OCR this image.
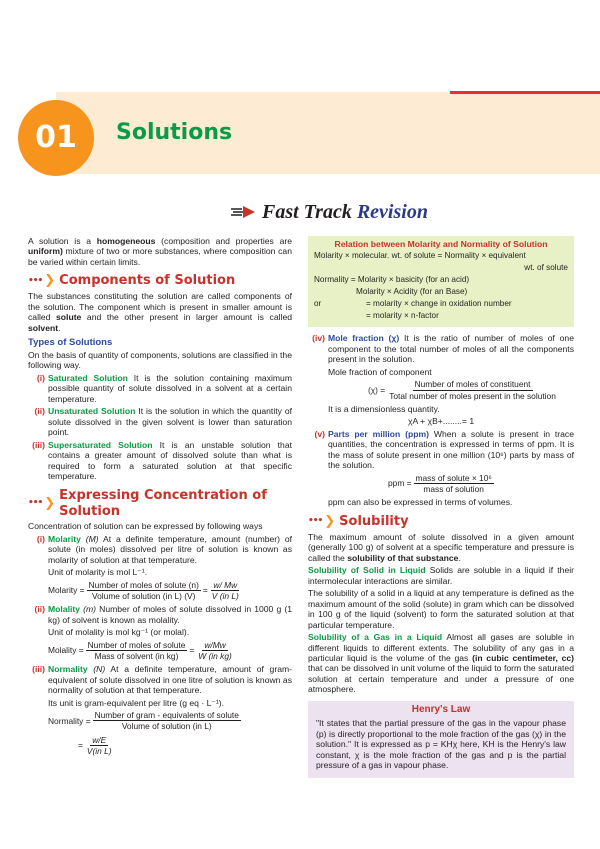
01	Solutions
Fast Track Revision

A solution is a homogeneous (composition and properties are uniform) mixture of two or more substances, where composition can be varied within certain limits.

••• ❯ Components of Solution

The substances constituting the solution are called components of the solution. The component which is present in smaller amount is called solute and the other present in larger amount is called solvent.

Types of Solutions

On the basis of quantity of components, solutions are classified in the following way.

(i) Saturated Solution It is the solution containing maximum possible quantity of solute dissolved in a solvent at a certain temperature.
(ii) Unsaturated Solution It is the solution in which the quantity of solute dissolved in the given solvent is lower than saturation point.
(iii) Supersaturated Solution It is an unstable solution that contains a greater amount of dissolved solute than what is required to form a saturated solution at that specific temperature.
••• ❯
Expressing Concentration of Solution

Concentration of solution can be expressed by following ways

(i) Molarity (M) At a definite temperature, amount (number) of solute (in moles) dissolved per litre of solution is known as molarity of solution at that temperature.

Unit of molarity is mol L⁻¹.

Molarity = $\frac{\text{Number of moles of solute (n)}}{\text{Volume of solution (in L) (V)}} = \frac{w/ Mw}{\text{V (in L)}}$
(ii) Molality (m) Number of moles of solute dissolved in 1000 g (1 kg) of solvent is known as molality.

Unit of molality is mol kg⁻¹ (or molal).

Molality = $\frac{\text{Number of moles of solute}}{\text{Mass of solvent (in kg)}} = \frac{w/Mw}{\text{W (in kg)}}$
(iii) Normality (N) At a definite temperature, amount of gram-equivalent of solute dissolved in one litre of solution is known as normality of solution at that temperature.

Its unit is gram-equivalent per litre (g eq · L⁻¹).

Normality = $\frac{\text{Number of gram - equivalents of solute}}{\text{Volume of solution (in L)}}$
= $\frac{w/E}{\text{V(in L)}}$
Relation between Molarity and Normality of Solution
Molarity × molecular. wt. of solute = Normality × equivalent
wt. of solute
Normality = Molarity × basicity (for an acid)
Molarity × Acidity (for an Base)
or	= molarity × change in oxidation number
= molarity × n-factor
(iv) Mole fraction (χ) It is the ratio of number of moles of one component to the total number of moles of all the components present in the solution.

Mole fraction of component

$(\chi) = \frac{\text{Number of moles of constituent}}{\text{Total number of moles present in the solution}}$

It is a dimensionless quantity.

χA + χB+........= 1

(v) Parts per million (ppm) When a solute is present in trace quantities, the concentration is expressed in terms of ppm. It is the mass of solute present in one million (10⁶) parts by mass of the solution.
ppm = $\frac{\text{mass of solute × 10⁶}}{\text{mass of solution}}$

ppm can also be expressed in terms of volumes.

••• ❯ Solubility

The maximum amount of solute dissolved in a given amount (generally 100 g) of solvent at a specific temperature and pressure is called the solubility of that substance.

Solubility of Solid in Liquid Solids are soluble in a liquid if their intermolecular interactions are similar.

The solubility of a solid in a liquid at any temperature is defined as the maximum amount of the solid (solute) in gram which can be dissolved in 100 g of the liquid (solvent) to form the saturated solution at that particular temperature.

Solubility of a Gas in a Liquid Almost all gases are soluble in different liquids to different extents. The solubility of any gas in a particular liquid is the volume of the gas (in cubic centimeter, cc) that can be dissolved in unit volume of the liquid to form the saturated solution at certain temperature and under a pressure of one atmosphere.

Henry's Law

"It states that the partial pressure of the gas in the vapour phase (p) is directly proportional to the mole fraction of the gas (χ) in the solution." It is expressed as p = KHχ here, KH is the Henry's law constant, χ is the mole fraction of the gas and p is the partial pressure of a gas in vapour phase.
